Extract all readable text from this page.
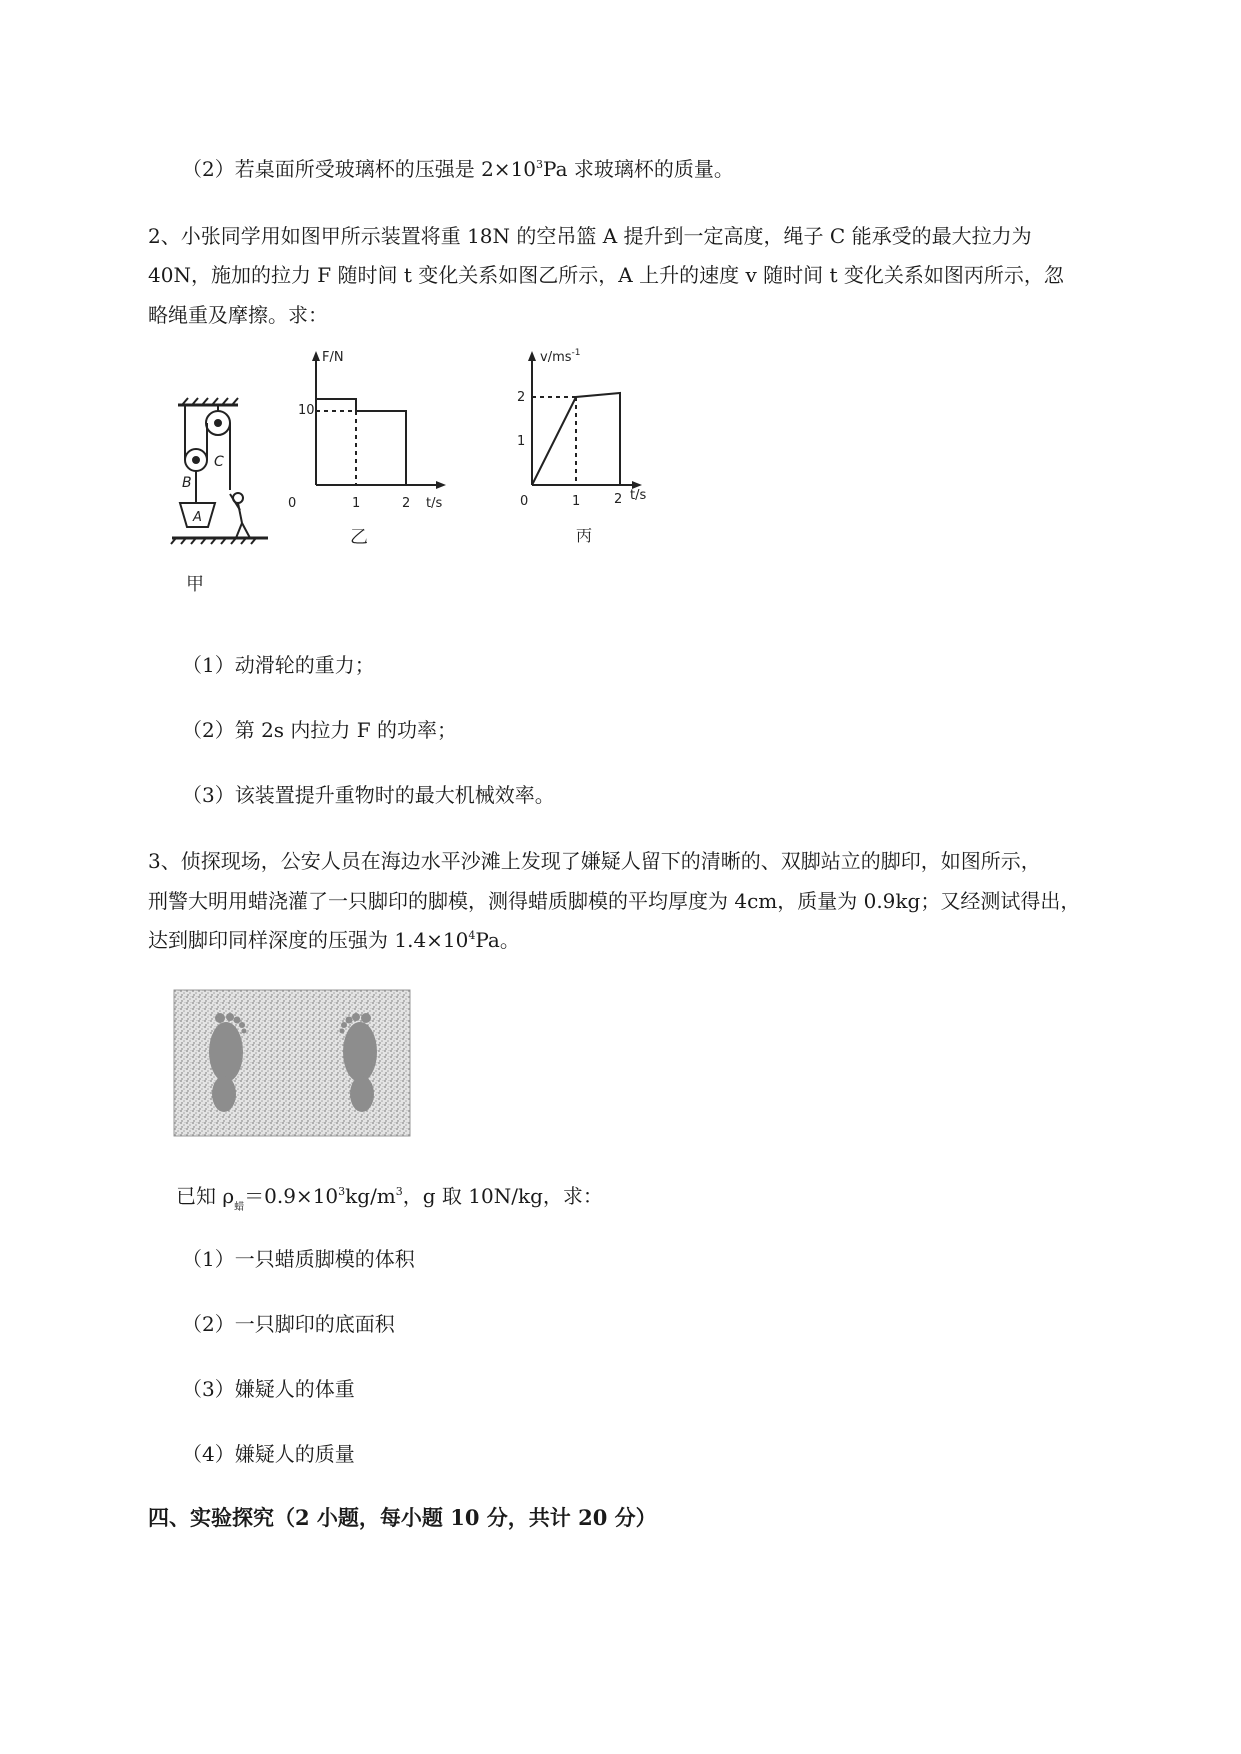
（2）若桌面所受玻璃杯的压强是 $2\times 10^3Pa$ 求玻璃杯的质量。
2、小张同学用如图甲所示装置将重 18N 的空吊篮 A 提升到一定高度，绳子 C 能承受的最大拉力为
40N，施加的拉力 F 随时间 t 变化关系如图乙所示，A 上升的速度 v 随时间 t 变化关系如图丙所示，忽
略绳重及摩擦。求：
B
C
A
甲
F/N
10
0	1	2 t/s
乙
$v/ms^{-1}$
2
1
0	1	2 t/s
丙
（1）动滑轮的重力；
（2）第 2s 内拉力 F 的功率；
（3）该装置提升重物时的最大机械效率。
3、侦探现场，公安人员在海边水平沙滩上发现了嫌疑人留下的清晰的、双脚站立的脚印，如图所示，
刑警大明用蜡浇灌了一只脚印的脚模，测得蜡质脚模的平均厚度为 4cm，质量为 0.9kg；又经测试得出，
达到脚印同样深度的压强为 $1.4\times 10^4Pa$。
已知 $\rho_蜡=0.9\times 10^3kg/m^3$，g 取 10N/kg，求：
（1）一只蜡质脚模的体积
（2）一只脚印的底面积
（3）嫌疑人的体重
（4）嫌疑人的质量
四、实验探究（2 小题，每小题 10 分，共计 20 分）
